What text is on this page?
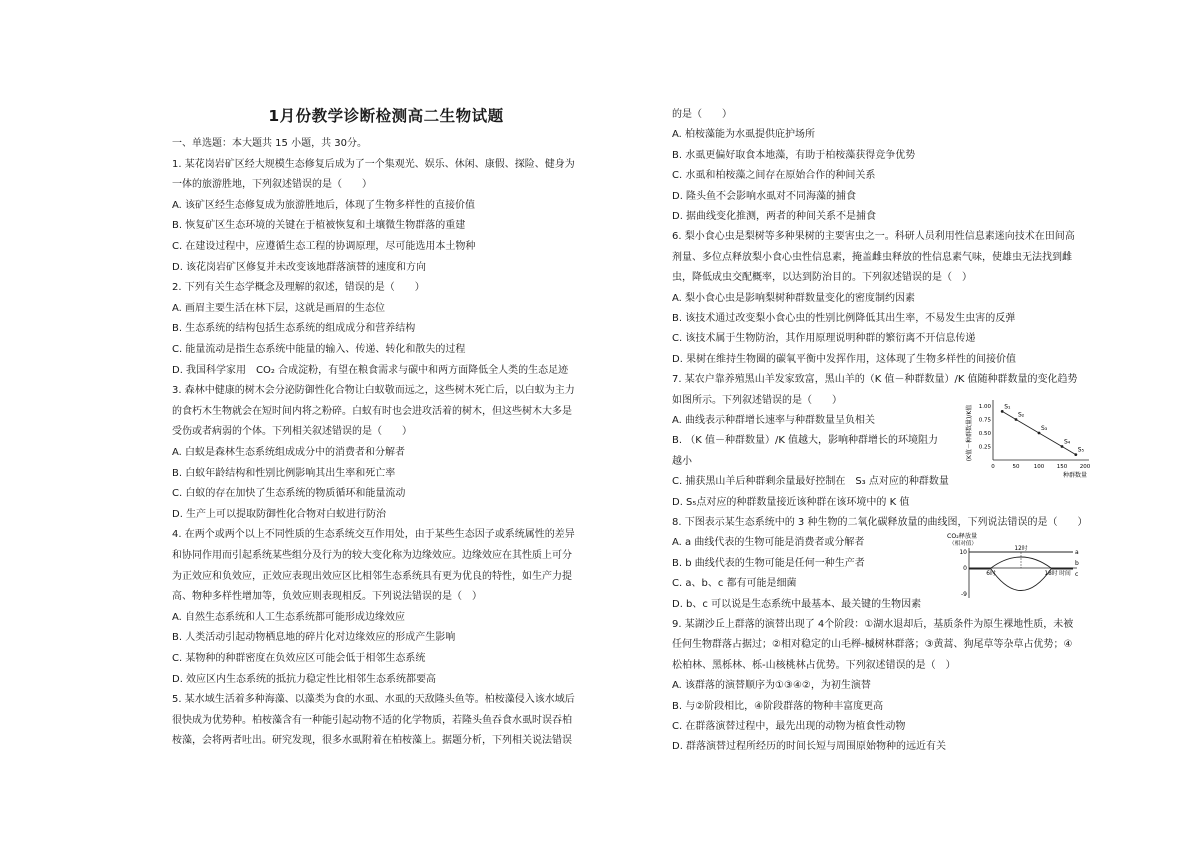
1月份教学诊断检测高二生物试题
一、单选题：本大题共 15 小题，共 30分。
1. 某花岗岩矿区经大规模生态修复后成为了一个集观光、娱乐、休闲、康假、探险、健身为
一体的旅游胜地，下列叙述错误的是（　　）
A. 该矿区经生态修复成为旅游胜地后，体现了生物多样性的直接价值
B. 恢复矿区生态环境的关键在于植被恢复和土壤微生物群落的重建
C. 在建设过程中，应遵循生态工程的协调原理，尽可能选用本土物种
D. 该花岗岩矿区修复并未改变该地群落演替的速度和方向
2. 下列有关生态学概念及理解的叙述，错误的是（　　）
A. 画眉主要生活在林下层，这就是画眉的生态位
B. 生态系统的结构包括生态系统的组成成分和营养结构
C. 能量流动是指生态系统中能量的输入、传递、转化和散失的过程
D. 我国科学家用　CO₂ 合成淀粉，有望在粮食需求与碳中和两方面降低全人类的生态足迹
3. 森林中健康的树木会分泌防御性化合物让白蚁敬而远之，这些树木死亡后，以白蚁为主力
的食朽木生物就会在短时间内将之粉碎。白蚁有时也会进攻活着的树木，但这些树木大多是
受伤或者病弱的个体。下列相关叙述错误的是（　　）
A. 白蚁是森林生态系统组成成分中的消费者和分解者
B. 白蚁年龄结构和性别比例影响其出生率和死亡率
C. 白蚁的存在加快了生态系统的物质循环和能量流动
D. 生产上可以提取防御性化合物对白蚁进行防治
4. 在两个或两个以上不同性质的生态系统交互作用处，由于某些生态因子或系统属性的差异
和协同作用而引起系统某些组分及行为的较大变化称为边缘效应。边缘效应在其性质上可分
为正效应和负效应，正效应表现出效应区比相邻生态系统具有更为优良的特性，如生产力提
高、物种多样性增加等，负效应则表现相反。下列说法错误的是（　）
A. 自然生态系统和人工生态系统都可能形成边缘效应
B. 人类活动引起动物栖息地的碎片化对边缘效应的形成产生影响
C. 某物种的种群密度在负效应区可能会低于相邻生态系统
D. 效应区内生态系统的抵抗力稳定性比相邻生态系统都要高
5. 某水域生活着多种海藻、以藻类为食的水虱、水虱的天敌隆头鱼等。柏桉藻侵入该水域后
很快成为优势种。柏桉藻含有一种能引起动物不适的化学物质，若隆头鱼吞食水虱时误吞柏
桉藻，会将两者吐出。研究发现，很多水虱附着在柏桉藻上。据题分析，下列相关说法错误
的是（　　）
A. 柏桉藻能为水虱提供庇护场所
B. 水虱更偏好取食本地藻，有助于柏桉藻获得竞争优势
C. 水虱和柏桉藻之间存在原始合作的种间关系
D. 隆头鱼不会影响水虱对不同海藻的捕食
D. 据曲线变化推测，两者的种间关系不是捕食
6. 梨小食心虫是梨树等多种果树的主要害虫之一。科研人员利用性信息素迷向技术在田间高
剂量、多位点释放梨小食心虫性信息素，掩盖雌虫释放的性信息素气味，使雄虫无法找到雌
虫，降低成虫交配概率，以达到防治目的。下列叙述错误的是（　）
A. 梨小食心虫是影响梨树种群数量变化的密度制约因素
B. 该技术通过改变梨小食心虫的性别比例降低其出生率，不易发生虫害的反弹
C. 该技术属于生物防治，其作用原理说明种群的繁衍离不开信息传递
D. 果树在维持生物圈的碳氧平衡中发挥作用，这体现了生物多样性的间接价值
7. 某农户靠养殖黑山羊发家致富，黑山羊的（K 值－种群数量）/K 值随种群数量的变化趋势
如图所示。下列叙述错误的是（　　）
A. 曲线表示种群增长速率与种群数量呈负相关
B. （K 值－种群数量）/K 值越大，影响种群增长的环境阻力
越小
C. 捕获黑山羊后种群剩余量最好控制在　S₃ 点对应的种群数量
D. S₅点对应的种群数量接近该种群在该环境中的 K 值
8. 下图表示某生态系统中的 3 种生物的二氧化碳释放量的曲线图，下列说法错误的是（　　）
A. a 曲线代表的生物可能是消费者或分解者
B. b 曲线代表的生物可能是任何一种生产者
C. a、b、c 都有可能是细菌
D. b、c 可以说是生态系统中最基本、最关键的生物因素
9. 某湖沙丘上群落的演替出现了 4个阶段：①湖水退却后，基质条件为原生裸地性质，未被
任何生物群落占据过；②相对稳定的山毛榉-槭树林群落；③黄蒿、狗尾草等杂草占优势；④
松柏林、黑栎林、栎-山核桃林占优势。下列叙述错误的是（　）
A. 该群落的演替顺序为①③④②，为初生演替
B. 与②阶段相比，④阶段群落的物种丰富度更高
C. 在群落演替过程中，最先出现的动物为植食性动物
D. 群落演替过程所经历的时间长短与周围原始物种的远近有关
(K值－种群数量)/K值 0.25
0.50
0.75
1.00
0	50	100 150 200
种群数量
S₁
S₂
S₃
S₄
S₅
CO₂释放量
（相对值）
10
0
-9
a
b
c
6时
12时
18时 时间
